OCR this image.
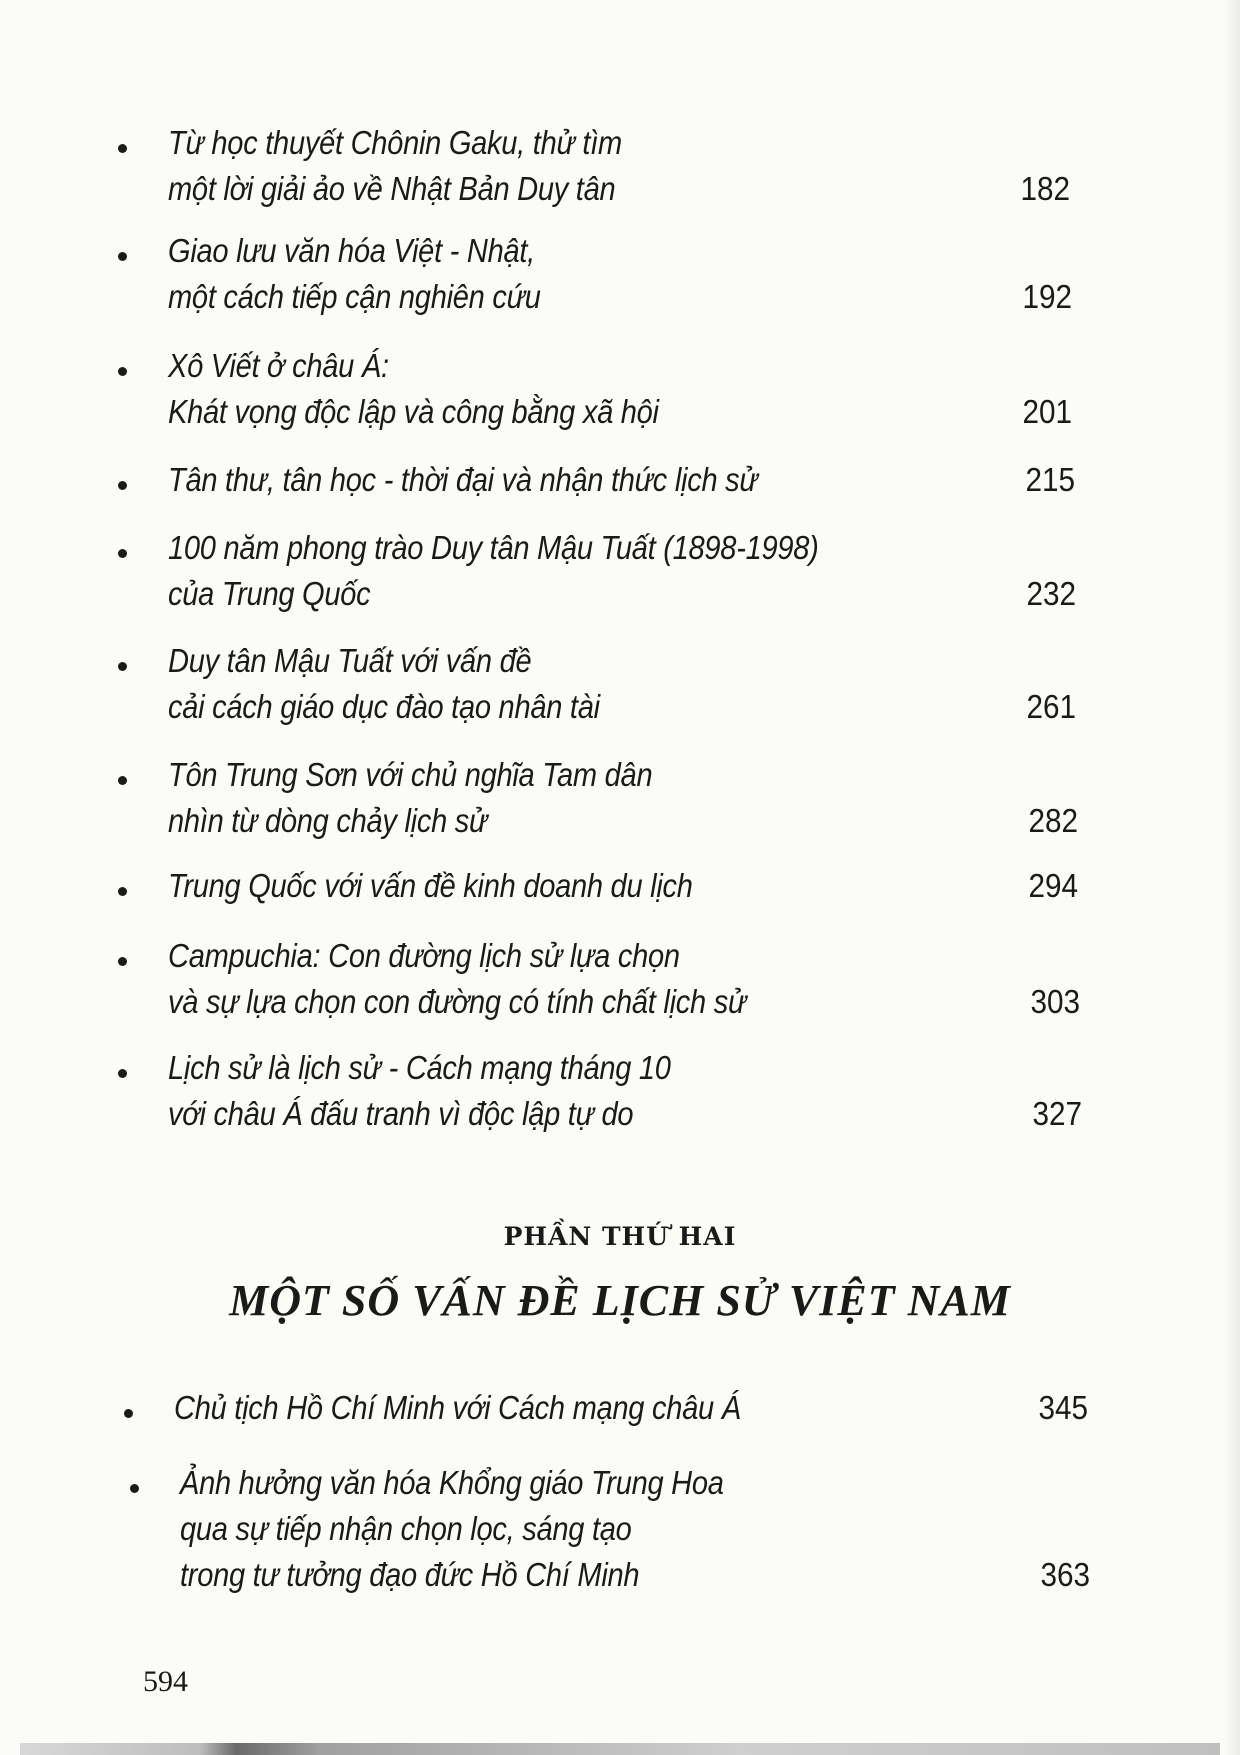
Từ học thuyết Chônin Gaku, thử tìm
một lời giải ảo về Nhật Bản Duy tân	182
Giao lưu văn hóa Việt - Nhật,
một cách tiếp cận nghiên cứu	192
Xô Viết ở châu Á:
Khát vọng độc lập và công bằng xã hội	201
Tân thư, tân học - thời đại và nhận thức lịch sử	215
100 năm phong trào Duy tân Mậu Tuất (1898-1998)
của Trung Quốc	232
Duy tân Mậu Tuất với vấn đề
cải cách giáo dục đào tạo nhân tài	261
Tôn Trung Sơn với chủ nghĩa Tam dân
nhìn từ dòng chảy lịch sử	282
Trung Quốc với vấn đề kinh doanh du lịch	294
Campuchia: Con đường lịch sử lựa chọn
và sự lựa chọn con đường có tính chất lịch sử	303
Lịch sử là lịch sử - Cách mạng tháng 10
với châu Á đấu tranh vì độc lập tự do	327
Chủ tịch Hồ Chí Minh với Cách mạng châu Á	345
Ảnh hưởng văn hóa Khổng giáo Trung Hoa
qua sự tiếp nhận chọn lọc, sáng tạo
trong tư tưởng đạo đức Hồ Chí Minh	363
PHẦN THỨ HAI
MỘT SỐ VẤN ĐỀ LỊCH SỬ VIỆT NAM
594
